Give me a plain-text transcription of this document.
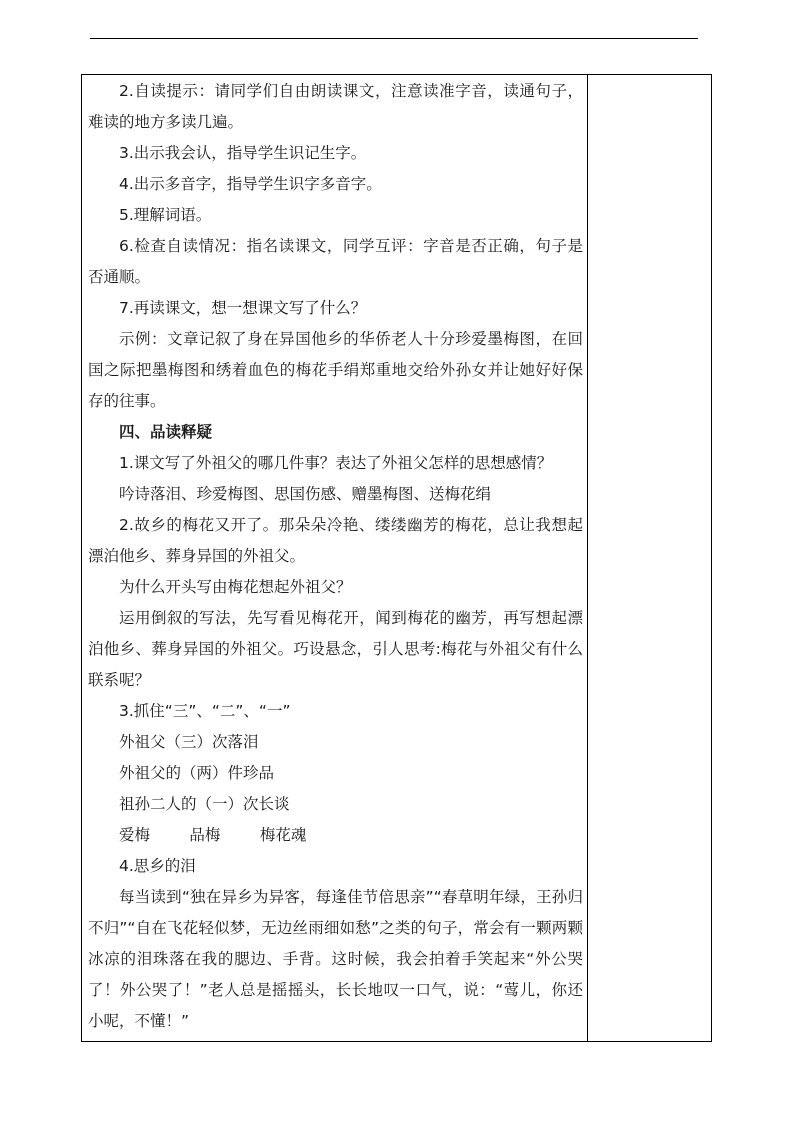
2.自读提示：请同学们自由朗读课文，注意读准字音，读通句子，难读的地方多读几遍。

3.出示我会认，指导学生识记生字。

4.出示多音字，指导学生识字多音字。

5.理解词语。

6.检查自读情况：指名读课文，同学互评：字音是否正确，句子是否通顺。

7.再读课文，想一想课文写了什么？

示例：文章记叙了身在异国他乡的华侨老人十分珍爱墨梅图，在回国之际把墨梅图和绣着血色的梅花手绢郑重地交给外孙女并让她好好保存的往事。

四、品读释疑

1.课文写了外祖父的哪几件事？表达了外祖父怎样的思想感情？

吟诗落泪、珍爱梅图、思国伤感、赠墨梅图、送梅花绢

2.故乡的梅花又开了。那朵朵冷艳、缕缕幽芳的梅花，总让我想起漂泊他乡、葬身异国的外祖父。

为什么开头写由梅花想起外祖父？

运用倒叙的写法，先写看见梅花开，闻到梅花的幽芳，再写想起漂泊他乡、葬身异国的外祖父。巧设悬念，引人思考:梅花与外祖父有什么联系呢？

3.抓住“三”、“二”、“一”

外祖父（三）次落泪

外祖父的（两）件珍品

祖孙二人的（一）次长谈

爱梅        品梅        梅花魂

4.思乡的泪

每当读到“独在异乡为异客，每逢佳节倍思亲”“春草明年绿，王孙归不归”“自在飞花轻似梦，无边丝雨细如愁”之类的句子，常会有一颗两颗冰凉的泪珠落在我的腮边、手背。这时候，我会拍着手笑起来“外公哭了！外公哭了！”老人总是摇摇头，长长地叹一口气，说：“莺儿，你还小呢，不懂！”
